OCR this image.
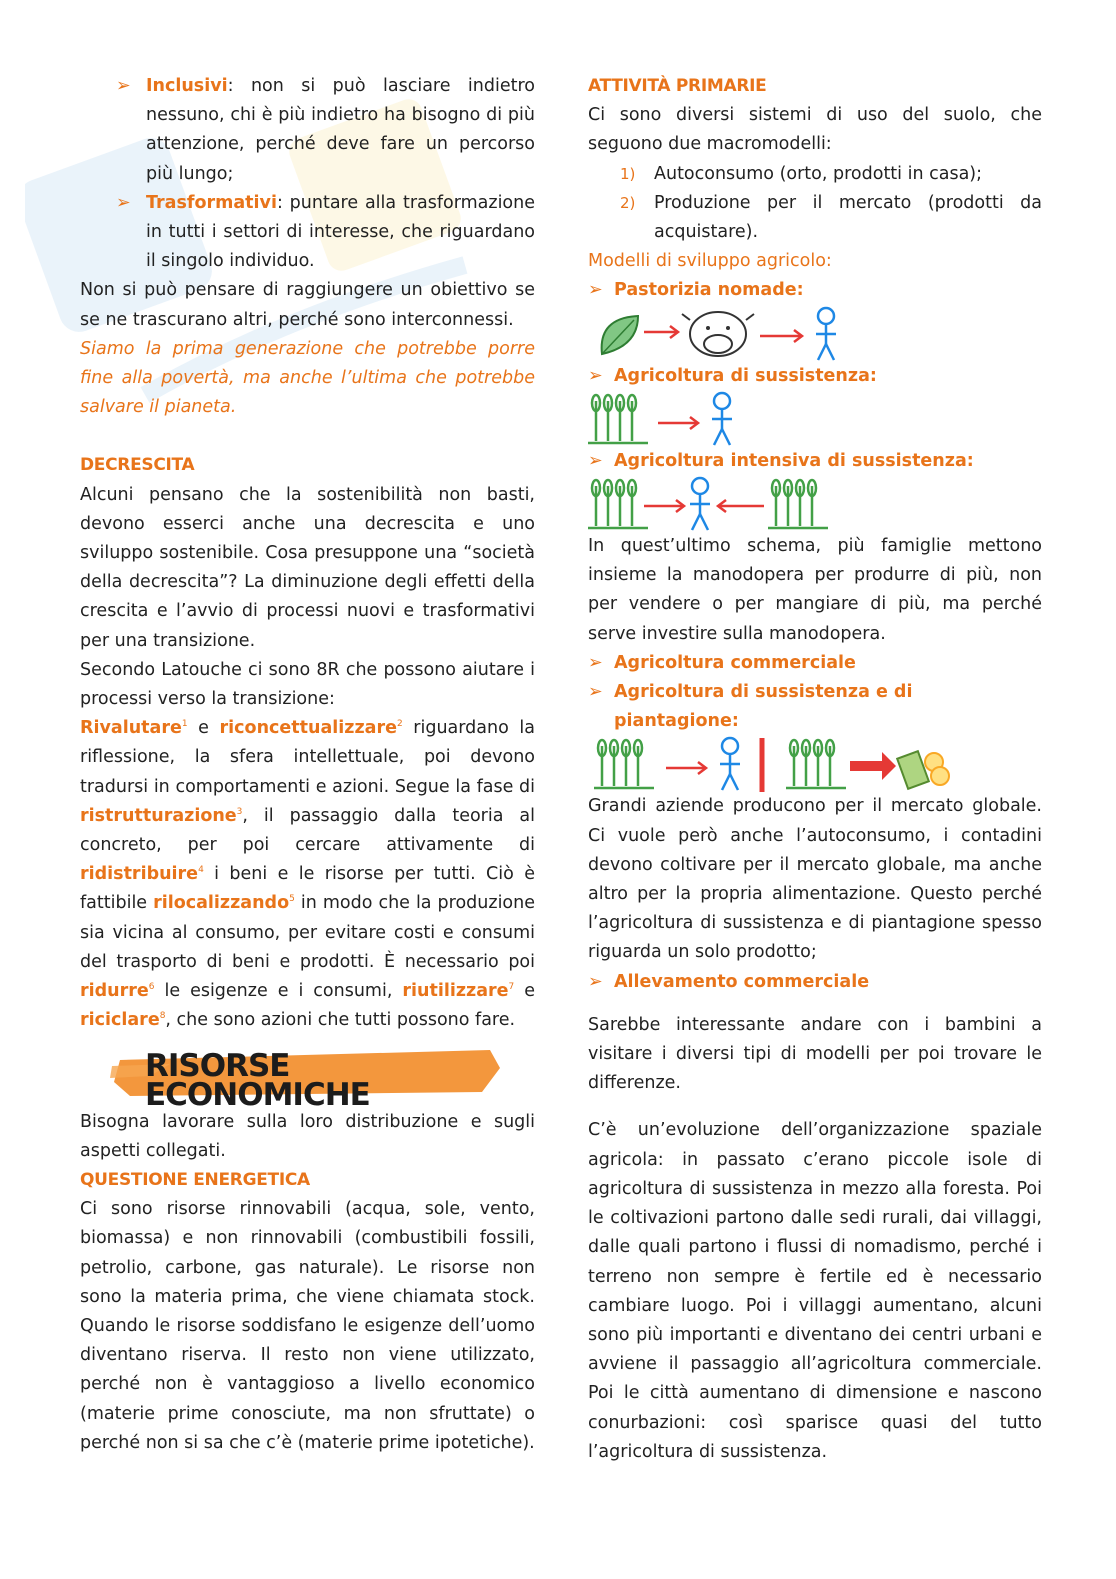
➢ Inclusivi: non si può lasciare indietro nessuno, chi è più indietro ha bisogno di più attenzione, perché deve fare un percorso più lungo;
➢ Trasformativi: puntare alla trasformazione in tutti i settori di interesse, che riguardano il singolo individuo.

Non si può pensare di raggiungere un obiettivo se se ne trascurano altri, perché sono interconnessi.

Siamo la prima generazione che potrebbe porre fine alla povertà, ma anche l’ultima che potrebbe salvare il pianeta.

DECRESCITA

Alcuni pensano che la sostenibilità non basti, devono esserci anche una decrescita e uno sviluppo sostenibile. Cosa presuppone una “società della decrescita”? La diminuzione degli effetti della crescita e l’avvio di processi nuovi e trasformativi per una transizione.

Secondo Latouche ci sono 8R che possono aiutare i processi verso la transizione:

Rivalutare$^1$ e riconcettualizzare$^2$ riguardano la riflessione, la sfera intellettuale, poi devono tradursi in comportamenti e azioni. Segue la fase di ristrutturazione$^3$, il passaggio dalla teoria al concreto, per poi cercare attivamente di ridistribuire$^4$ i beni e le risorse per tutti. Ciò è fattibile rilocalizzando$^5$ in modo che la produzione sia vicina al consumo, per evitare costi e consumi del trasporto di beni e prodotti. È necessario poi ridurre$^6$ le esigenze e i consumi, riutilizzare$^7$ e riciclare$^8$, che sono azioni che tutti possono fare.

RISORSE ECONOMICHE

Bisogna lavorare sulla loro distribuzione e sugli aspetti collegati.

QUESTIONE ENERGETICA

Ci sono risorse rinnovabili (acqua, sole, vento, biomassa) e non rinnovabili (combustibili fossili, petrolio, carbone, gas naturale). Le risorse non sono la materia prima, che viene chiamata stock. Quando le risorse soddisfano le esigenze dell’uomo diventano riserva. Il resto non viene utilizzato, perché non è vantaggioso a livello economico (materie prime conosciute, ma non sfruttate) o perché non si sa che c’è (materie prime ipotetiche).

ATTIVITÀ PRIMARIE

Ci sono diversi sistemi di uso del suolo, che seguono due macromodelli:

1) Autoconsumo (orto, prodotti in casa);
2) Produzione per il mercato (prodotti da acquistare).
Modelli di sviluppo agricolo:
➢ Pastorizia nomade:
➢ Agricoltura di sussistenza:
➢ Agricoltura intensiva di sussistenza:

In quest’ultimo schema, più famiglie mettono insieme la manodopera per produrre di più, non per vendere o per mangiare di più, ma perché serve investire sulla manodopera.

➢ Agricoltura commerciale
➢ Agricoltura di sussistenza e di piantagione:

Grandi aziende producono per il mercato globale. Ci vuole però anche l’autoconsumo, i contadini devono coltivare per il mercato globale, ma anche altro per la propria alimentazione. Questo perché l’agricoltura di sussistenza e di piantagione spesso riguarda un solo prodotto;

➢ Allevamento commerciale

Sarebbe interessante andare con i bambini a visitare i diversi tipi di modelli per poi trovare le differenze.

C’è un’evoluzione dell’organizzazione spaziale agricola: in passato c’erano piccole isole di agricoltura di sussistenza in mezzo alla foresta. Poi le coltivazioni partono dalle sedi rurali, dai villaggi, dalle quali partono i flussi di nomadismo, perché i terreno non sempre è fertile ed è necessario cambiare luogo. Poi i villaggi aumentano, alcuni sono più importanti e diventano dei centri urbani e avviene il passaggio all’agricoltura commerciale. Poi le città aumentano di dimensione e nascono conurbazioni: così sparisce quasi del tutto l’agricoltura di sussistenza.
